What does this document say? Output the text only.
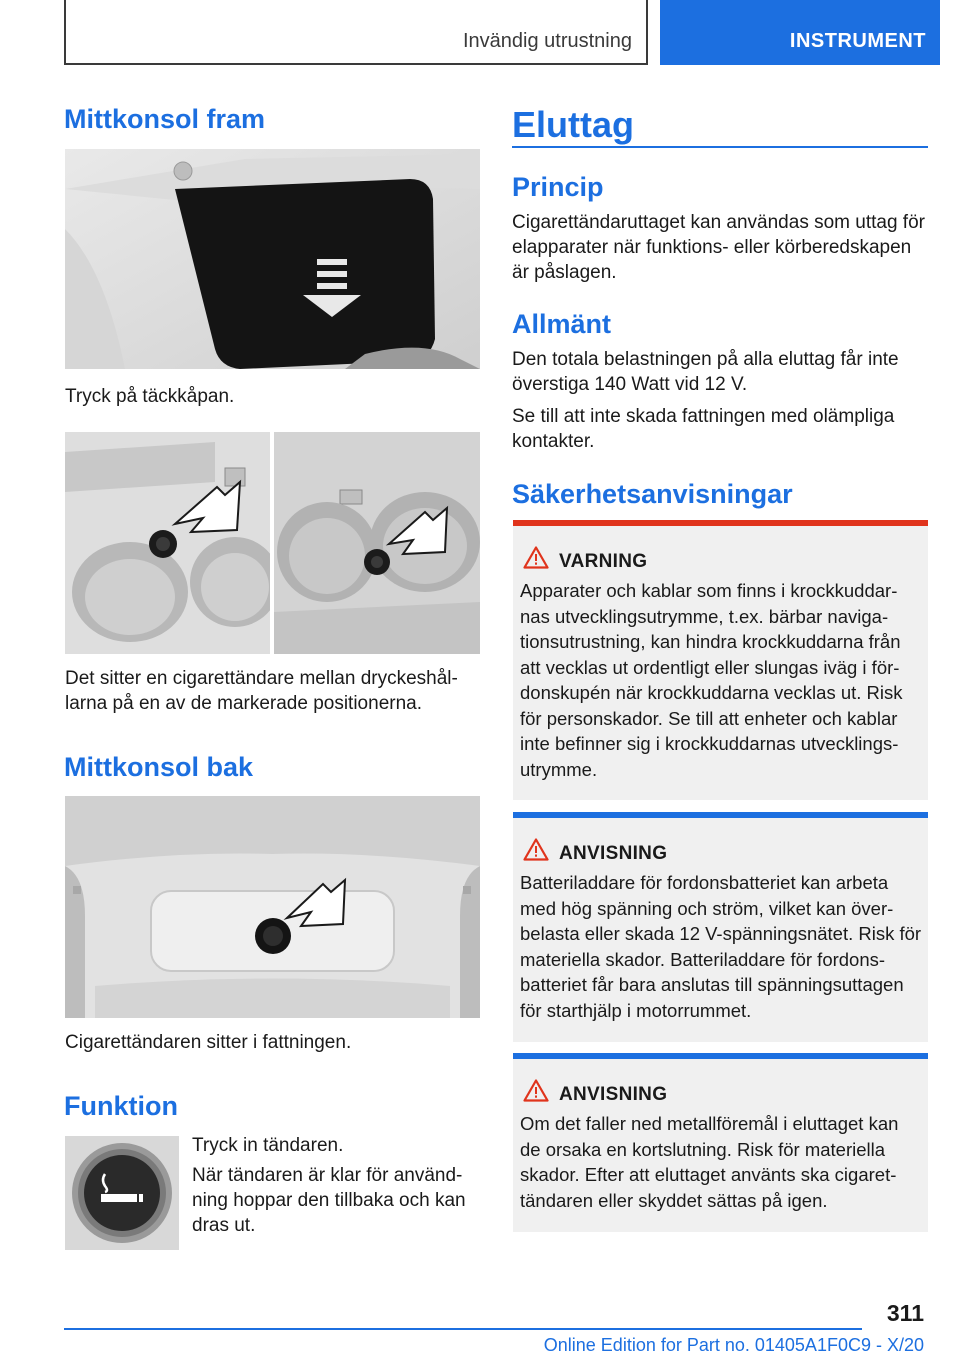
Invändig utrustning	INSTRUMENT
Mittkonsol fram
Tryck på täckkåpan.
Det sitter en cigarettändare mellan dryckeshål-larna på en av de markerade positionerna.
Mittkonsol bak
Cigarettändaren sitter i fattningen.
Funktion
Tryck in tändaren.
När tändaren är klar för använd-ning hoppar den tillbaka och kan dras ut.
Eluttag
Princip
Cigarettändaruttaget kan användas som uttag för elapparater när funktions- eller körberedskapen är påslagen.
Allmänt
Den totala belastningen på alla eluttag får inte överstiga 140 Watt vid 12 V.
Se till att inte skada fattningen med olämpliga kontakter.
Säkerhetsanvisningar
VARNING
Apparater och kablar som finns i krockkuddar-nas utvecklingsutrymme, t.ex. bärbar naviga-tionsutrustning, kan hindra krockkuddarna från att vecklas ut ordentligt eller slungas iväg i för-donskupén när krockkuddarna vecklas ut. Risk för personskador. Se till att enheter och kablar inte befinner sig i krockkuddarnas utvecklings-utrymme.
ANVISNING
Batteriladdare för fordonsbatteriet kan arbeta med hög spänning och ström, vilket kan över-belasta eller skada 12 V-spänningsnätet. Risk för materiella skador. Batteriladdare för fordons-batteriet får bara anslutas till spänningsuttagen för starthjälp i motorrummet.
ANVISNING
Om det faller ned metallföremål i eluttaget kan de orsaka en kortslutning. Risk för materiella skador. Efter att eluttaget använts ska cigaret-tändaren eller skyddet sättas på igen.
311
Online Edition for Part no. 01405A1F0C9 - X/20
